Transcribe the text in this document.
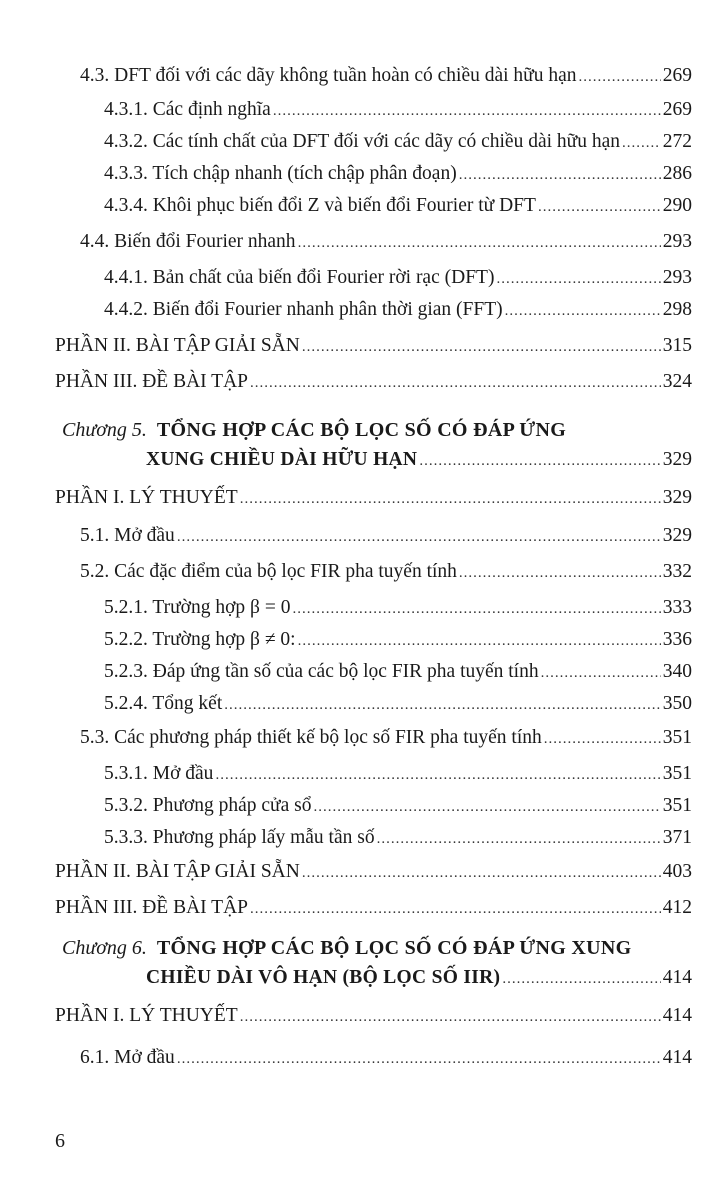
4.3. DFT đối với các dãy không tuần hoàn có chiều dài hữu hạn .....	269
4.3.1. Các định nghĩa .....	269
4.3.2. Các tính chất của DFT đối với các dãy có chiều dài hữu hạn ..... 272
4.3.3. Tích chập nhanh (tích chập phân đoạn) .....	286
4.3.4. Khôi phục biến đổi Z và biến đổi Fourier từ DFT .....	290
4.4. Biến đổi Fourier nhanh .....	293
4.4.1. Bản chất của biến đổi Fourier rời rạc (DFT) .....	293
4.4.2. Biến đổi Fourier nhanh phân thời gian (FFT) .....	298
PHẦN II. BÀI TẬP GIẢI SẴN .....	315
PHẦN III. ĐỀ BÀI TẬP .....	324
Chương 5. TỔNG HỢP CÁC BỘ LỌC SỐ CÓ ĐÁP ỨNG
XUNG CHIỀU DÀI HỮU HẠN .....	329
PHẦN I. LÝ THUYẾT .....	329
5.1. Mở đầu .....	329
5.2. Các đặc điểm của bộ lọc FIR pha tuyến tính .....	332
5.2.1. Trường hợp β = 0 .....	333
5.2.2. Trường hợp β ≠ 0: .....	336
5.2.3. Đáp ứng tần số của các bộ lọc FIR pha tuyến tính .....	340
5.2.4. Tổng kết .....	350
5.3. Các phương pháp thiết kế bộ lọc số FIR pha tuyến tính .....	351
5.3.1. Mở đầu .....	351
5.3.2. Phương pháp cửa sổ .....	351
5.3.3. Phương pháp lấy mẫu tần số .....	371
PHẦN II. BÀI TẬP GIẢI SẴN .....	403
PHẦN III. ĐỀ BÀI TẬP .....	412
Chương 6. TỔNG HỢP CÁC BỘ LỌC SỐ CÓ ĐÁP ỨNG XUNG
CHIỀU DÀI VÔ HẠN (BỘ LỌC SỐ IIR) .....	414
PHẦN I. LÝ THUYẾT .....	414
6.1. Mở đầu .....	414
6
